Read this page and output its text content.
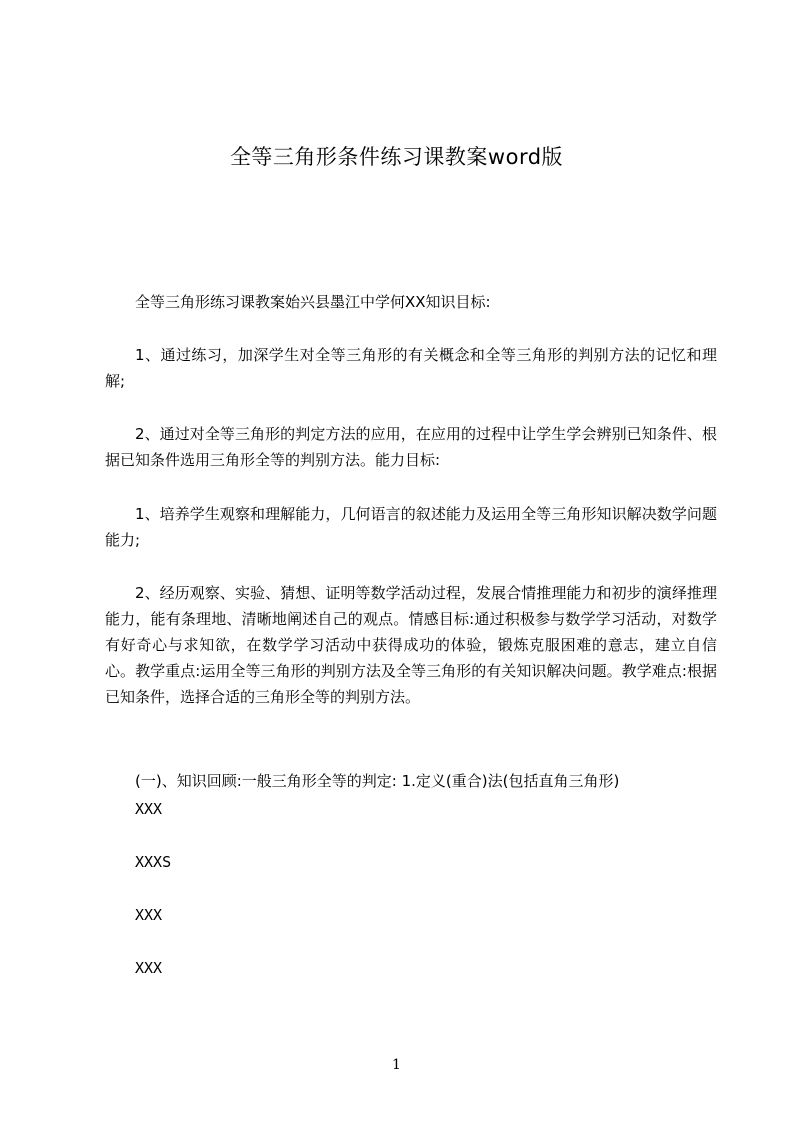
全等三角形条件练习课教案word版

全等三角形练习课教案始兴县墨江中学何XX知识目标:

1、通过练习，加深学生对全等三角形的有关概念和全等三角形的判别方法的记忆和理解;

2、通过对全等三角形的判定方法的应用，在应用的过程中让学生学会辨别已知条件、根据已知条件选用三角形全等的判别方法。能力目标:

1、培养学生观察和理解能力，几何语言的叙述能力及运用全等三角形知识解决数学问题能力;

2、经历观察、实验、猜想、证明等数学活动过程，发展合情推理能力和初步的演绎推理能力，能有条理地、清晰地阐述自己的观点。情感目标:通过积极参与数学学习活动，对数学有好奇心与求知欲，在数学学习活动中获得成功的体验，锻炼克服困难的意志，建立自信心。教学重点:运用全等三角形的判别方法及全等三角形的有关知识解决问题。教学难点:根据已知条件，选择合适的三角形全等的判别方法。

(一)、知识回顾:一般三角形全等的判定: 1.定义(重合)法(包括直角三角形)

XXX

XXXS

XXX

XXX

1
